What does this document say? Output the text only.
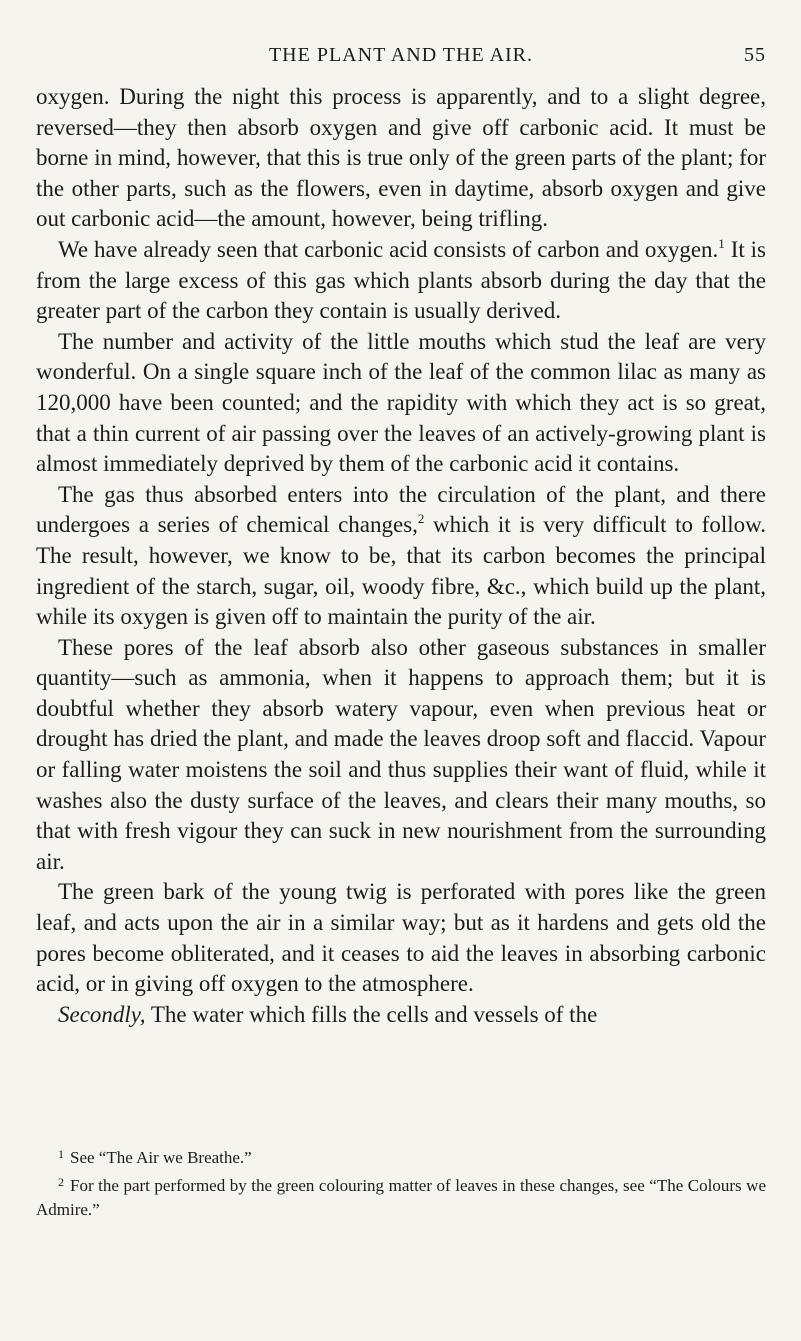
THE PLANT AND THE AIR.	55

oxygen. During the night this process is apparently, and to a slight degree, reversed—they then absorb oxygen and give off carbonic acid. It must be borne in mind, however, that this is true only of the green parts of the plant; for the other parts, such as the flowers, even in daytime, absorb oxygen and give out carbonic acid—the amount, however, being trifling.

We have already seen that carbonic acid consists of carbon and oxygen.$^1$ It is from the large excess of this gas which plants absorb during the day that the greater part of the carbon they contain is usually derived.

The number and activity of the little mouths which stud the leaf are very wonderful. On a single square inch of the leaf of the common lilac as many as 120,000 have been counted; and the rapidity with which they act is so great, that a thin current of air passing over the leaves of an actively-growing plant is almost immediately deprived by them of the carbonic acid it contains.

The gas thus absorbed enters into the circulation of the plant, and there undergoes a series of chemical changes,$^2$ which it is very difficult to follow. The result, however, we know to be, that its carbon becomes the principal ingredient of the starch, sugar, oil, woody fibre, &c., which build up the plant, while its oxygen is given off to maintain the purity of the air.

These pores of the leaf absorb also other gaseous substances in smaller quantity—such as ammonia, when it happens to approach them; but it is doubtful whether they absorb watery vapour, even when previous heat or drought has dried the plant, and made the leaves droop soft and flaccid. Vapour or falling water moistens the soil and thus supplies their want of fluid, while it washes also the dusty surface of the leaves, and clears their many mouths, so that with fresh vigour they can suck in new nourishment from the surrounding air.

The green bark of the young twig is perforated with pores like the green leaf, and acts upon the air in a similar way; but as it hardens and gets old the pores become obliterated, and it ceases to aid the leaves in absorbing carbonic acid, or in giving off oxygen to the atmosphere.

Secondly, The water which fills the cells and vessels of the

$^1$ See “The Air we Breathe.”

$^2$ For the part performed by the green colouring matter of leaves in these changes, see “The Colours we Admire.”
